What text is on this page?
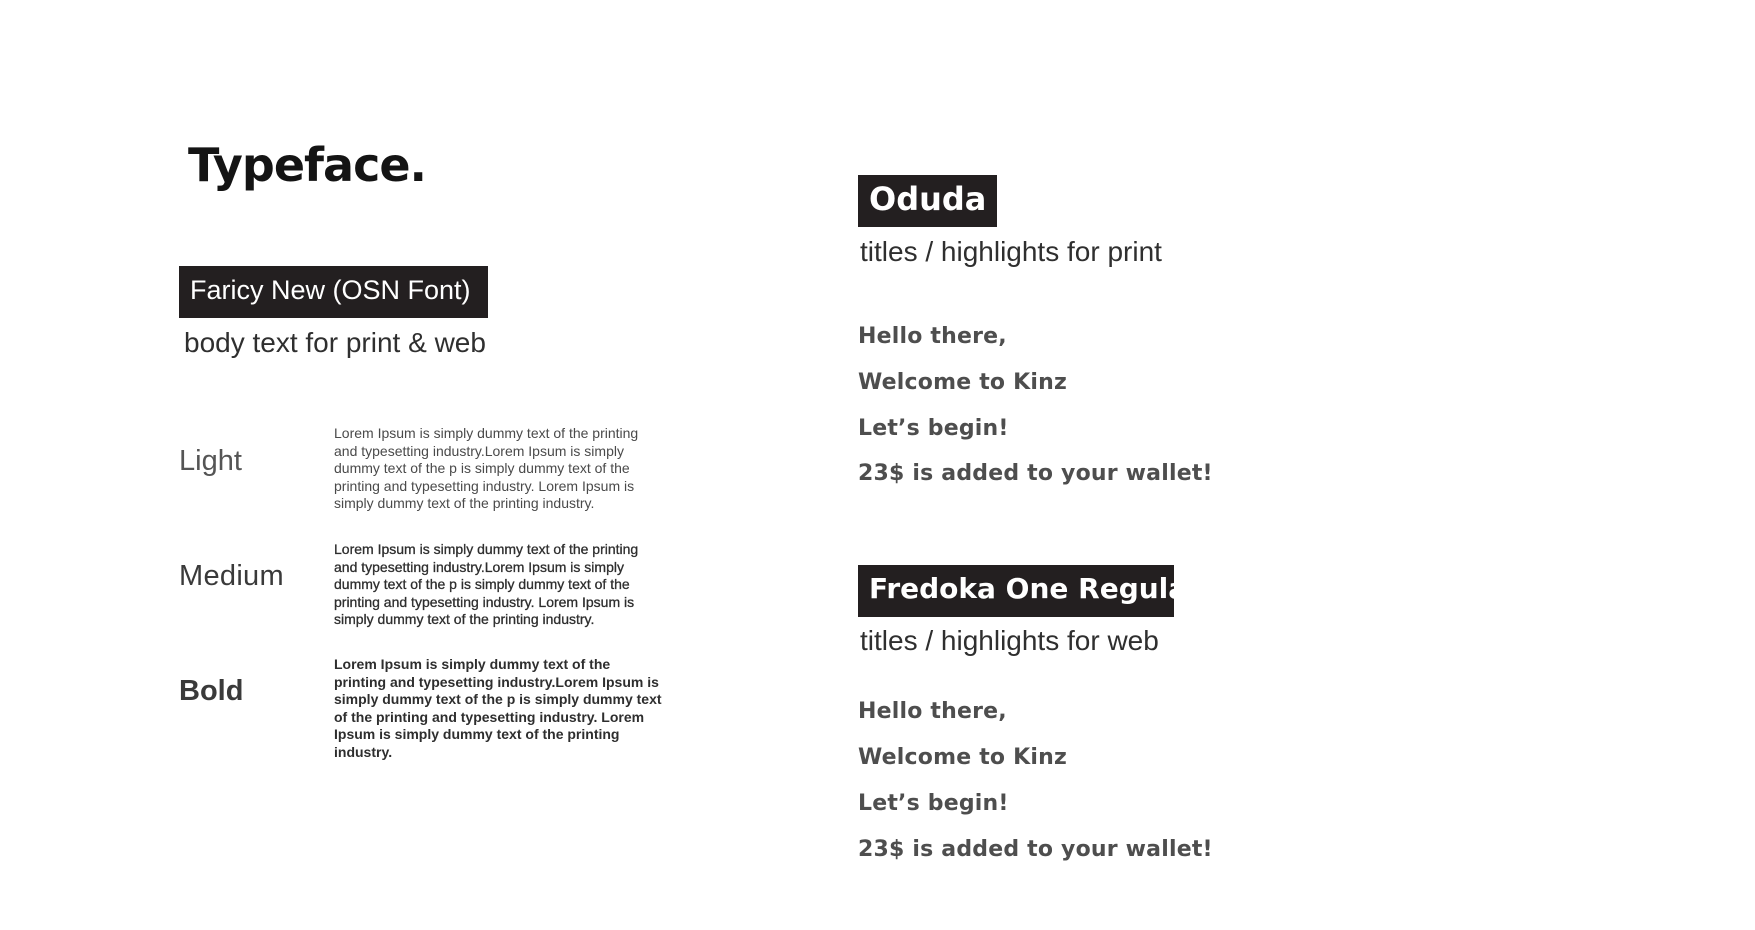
Typeface.
Faricy New (OSN Font)
body text for print & web
Light

Lorem Ipsum is simply dummy text of the printing and typesetting industry.Lorem Ipsum is simply dummy text of the p is simply dummy text of the printing and typesetting industry. Lorem Ipsum is simply dummy text of the printing industry.

Medium

Lorem Ipsum is simply dummy text of the printing and typesetting industry.Lorem Ipsum is simply dummy text of the p is simply dummy text of the printing and typesetting industry. Lorem Ipsum is simply dummy text of the printing industry.

Bold

Lorem Ipsum is simply dummy text of the printing and typesetting industry.Lorem Ipsum is simply dummy text of the p is simply dummy text of the printing and typesetting industry. Lorem Ipsum is simply dummy text of the printing industry.

Oduda
titles / highlights for print

Hello there,

Welcome to Kinz

Let’s begin!

23$ is added to your wallet!

Fredoka One Regular
titles / highlights for web

Hello there,

Welcome to Kinz

Let’s begin!

23$ is added to your wallet!
